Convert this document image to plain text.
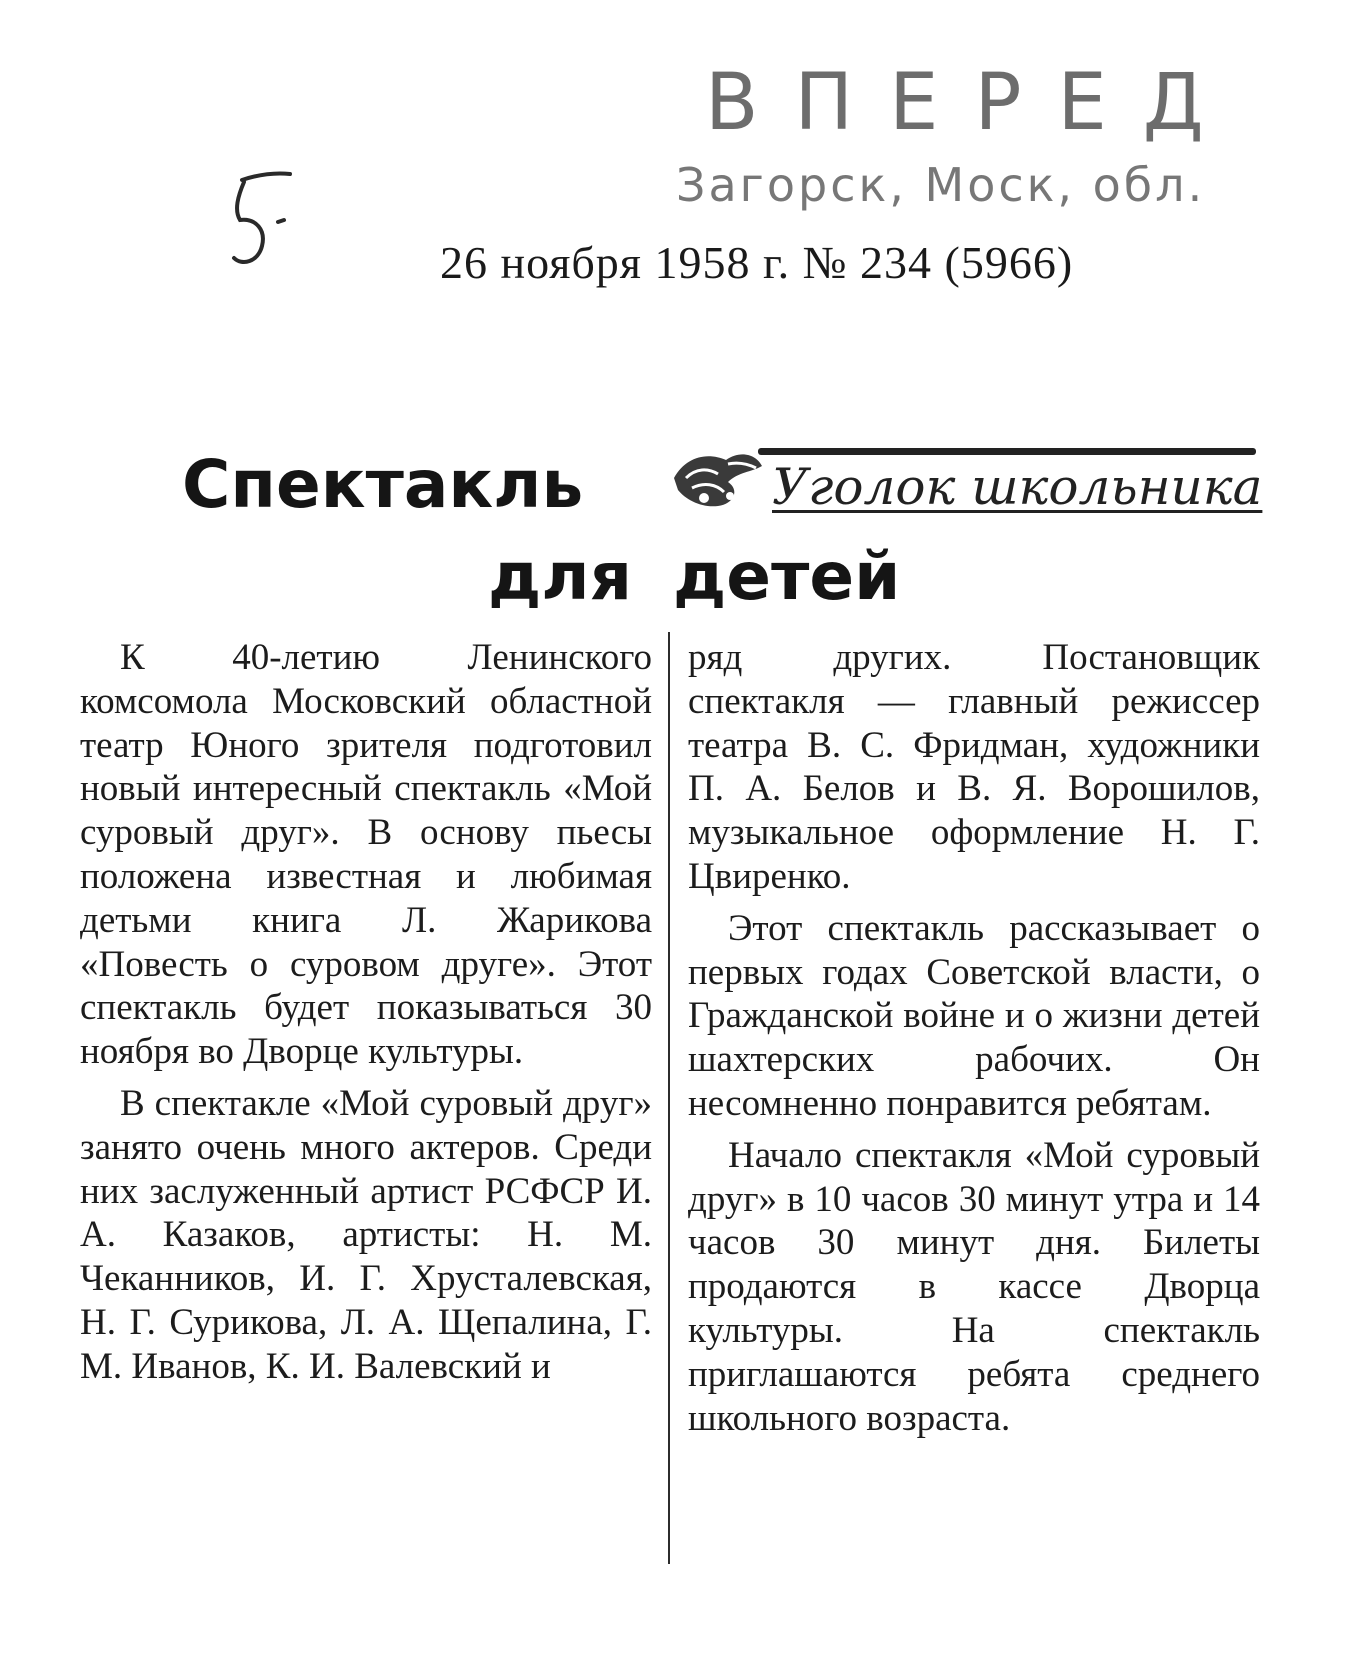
ВПЕРЕД
Загорск, Моск, обл.
26 ноября 1958 г. № 234 (5966)
Уголок школьника
Спектакль
для детей

К 40-летию Ленинского комсомола Московский областной театр Юного зрителя подготовил новый интересный спектакль «Мой суровый друг». В основу пьесы положена известная и любимая детьми книга Л. Жарикова «Повесть о суровом друге». Этот спектакль будет показываться 30 ноября во Дворце культуры.

В спектакле «Мой суровый друг» занято очень много актеров. Среди них заслуженный артист РСФСР И. А. Казаков, артисты: Н. М. Чеканников, И. Г. Хрусталевская, Н. Г. Сурикова, Л. А. Щепалина, Г. М. Иванов, К. И. Валевский и

ряд других. Постановщик спектакля — главный режиссер театра В. С. Фридман, художники П. А. Белов и В. Я. Ворошилов, музыкальное оформление Н. Г. Цвиренко.

Этот спектакль рассказывает о первых годах Советской власти, о Гражданской войне и о жизни детей шахтерских рабочих. Он несомненно понравится ребятам.

Начало спектакля «Мой суровый друг» в 10 часов 30 минут утра и 14 часов 30 минут дня. Билеты продаются в кассе Дворца культуры. На спектакль приглашаются ребята среднего школьного возраста.
